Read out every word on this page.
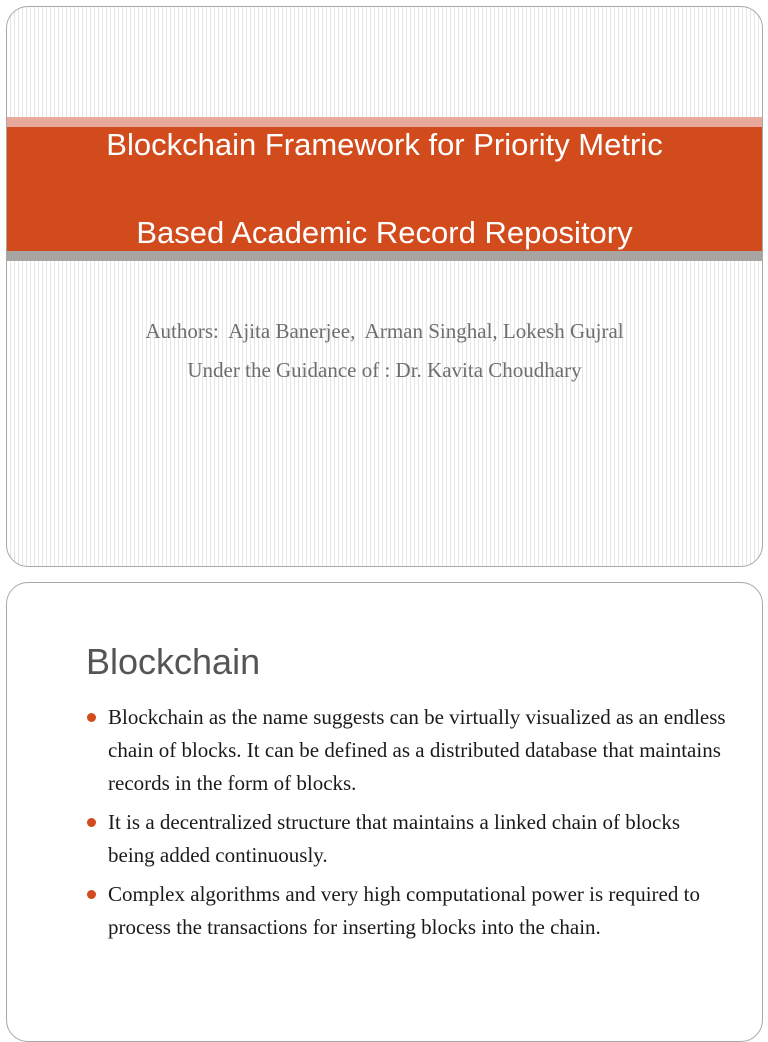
Blockchain Framework for Priority Metric

Based Academic Record Repository

Authors:  Ajita Banerjee,  Arman Singhal, Lokesh Gujral
Under the Guidance of : Dr. Kavita Choudhary
Blockchain
Blockchain as the name suggests can be virtually visualized as an endless chain of blocks. It can be defined as a distributed database that maintains records in the form of blocks.
It is a decentralized structure that maintains a linked chain of blocks being added continuously.
Complex algorithms and very high computational power is required to process the transactions for inserting blocks into the chain.
